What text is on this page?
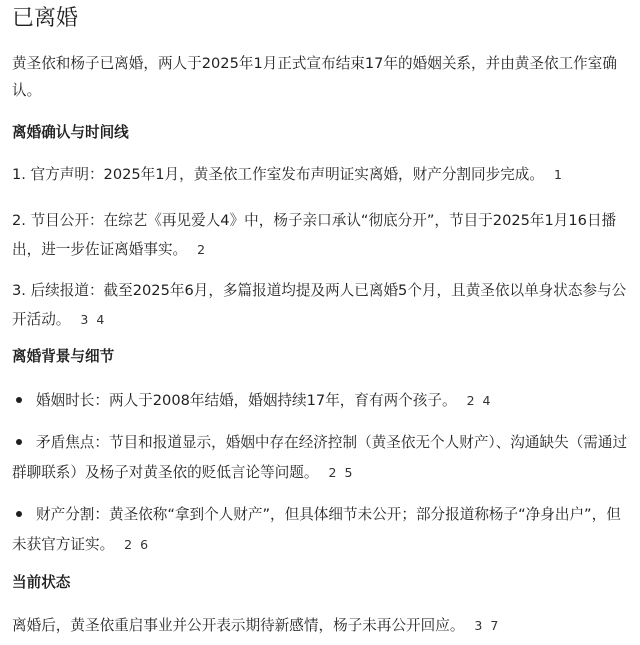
已离婚

黄圣依和杨子已离婚，两人于2025年1月正式宣布结束17年的婚姻关系，并由黄圣依工作室确认。

离婚确认与时间线

1. 官方声明：2025年1月，黄圣依工作室发布声明证实离婚，财产分割同步完成。 1

2. 节目公开：在综艺《再见爱人4》中，杨子亲口承认“彻底分开”，节目于2025年1月16日播出，进一步佐证离婚事实。 2

3. 后续报道：截至2025年6月，多篇报道均提及两人已离婚5个月，且黄圣依以单身状态参与公开活动。 3 4

离婚背景与细节

婚姻时长：两人于2008年结婚，婚姻持续17年，育有两个孩子。 2 4

矛盾焦点：节目和报道显示，婚姻中存在经济控制（黄圣依无个人财产）、沟通缺失（需通过群聊联系）及杨子对黄圣依的贬低言论等问题。 2 5

财产分割：黄圣依称“拿到个人财产”，但具体细节未公开；部分报道称杨子“净身出户”，但未获官方证实。 2 6

当前状态

离婚后，黄圣依重启事业并公开表示期待新感情，杨子未再公开回应。 3 7
